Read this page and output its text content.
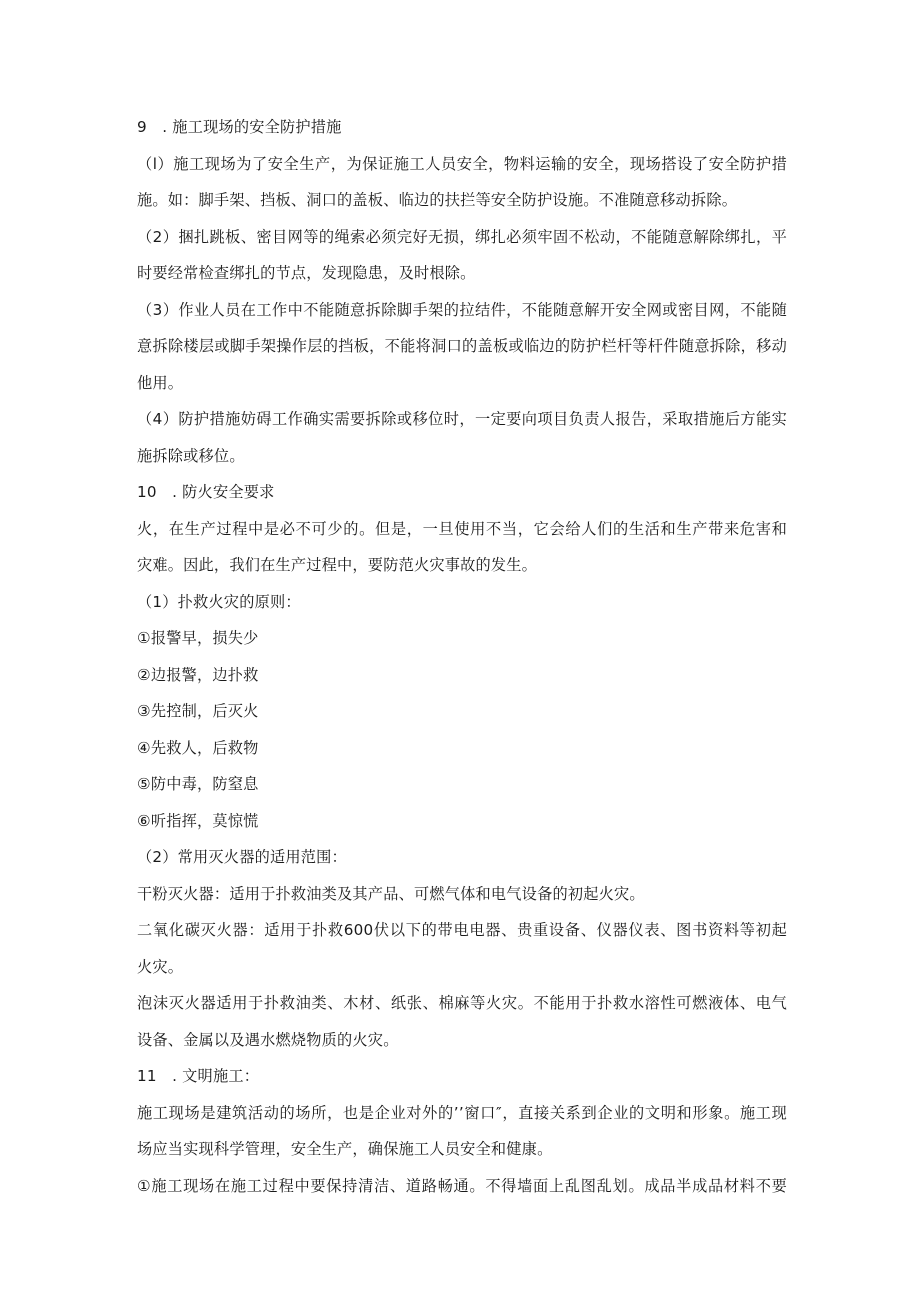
9　. 施工现场的安全防护措施
（l）施工现场为了安全生产，为保证施工人员安全，物料运输的安全，现场搭设了安全防护措
施。如：脚手架、挡板、洞口的盖板、临边的扶拦等安全防护设施。不准随意移动拆除。
（2）捆扎跳板、密目网等的绳索必须完好无损，绑扎必须牢固不松动，不能随意解除绑扎，平
时要经常检查绑扎的节点，发现隐患，及时根除。
（3）作业人员在工作中不能随意拆除脚手架的拉结件，不能随意解开安全网或密目网，不能随
意拆除楼层或脚手架操作层的挡板，不能将洞口的盖板或临边的防护栏杆等杆件随意拆除，移动
他用。
（4）防护措施妨碍工作确实需要拆除或移位时，一定要向项目负责人报告，采取措施后方能实
施拆除或移位。
10　. 防火安全要求
火，在生产过程中是必不可少的。但是，一旦使用不当，它会给人们的生活和生产带来危害和
灾难。因此，我们在生产过程中，要防范火灾事故的发生。
（1）扑救火灾的原则：
①报警早，损失少
②边报警，边扑救
③先控制，后灭火
④先救人，后救物
⑤防中毒，防窒息
⑥听指挥，莫惊慌
（2）常用灭火器的适用范围：
干粉灭火器：适用于扑救油类及其产品、可燃气体和电气设备的初起火灾。
二氧化碳灭火器：适用于扑救600伏以下的带电电器、贵重设备、仪器仪表、图书资料等初起
火灾。
泡沫灭火器适用于扑救油类、木材、纸张、棉麻等火灾。不能用于扑救水溶性可燃液体、电气
设备、金属以及遇水燃烧物质的火灾。
11　. 文明施工：
施工现场是建筑活动的场所，也是企业对外的’’窗口″，直接关系到企业的文明和形象。施工现
场应当实现科学管理，安全生产，确保施工人员安全和健康。
①施工现场在施工过程中要保持清洁、道路畅通。不得墙面上乱图乱划。成品半成品材料不要
